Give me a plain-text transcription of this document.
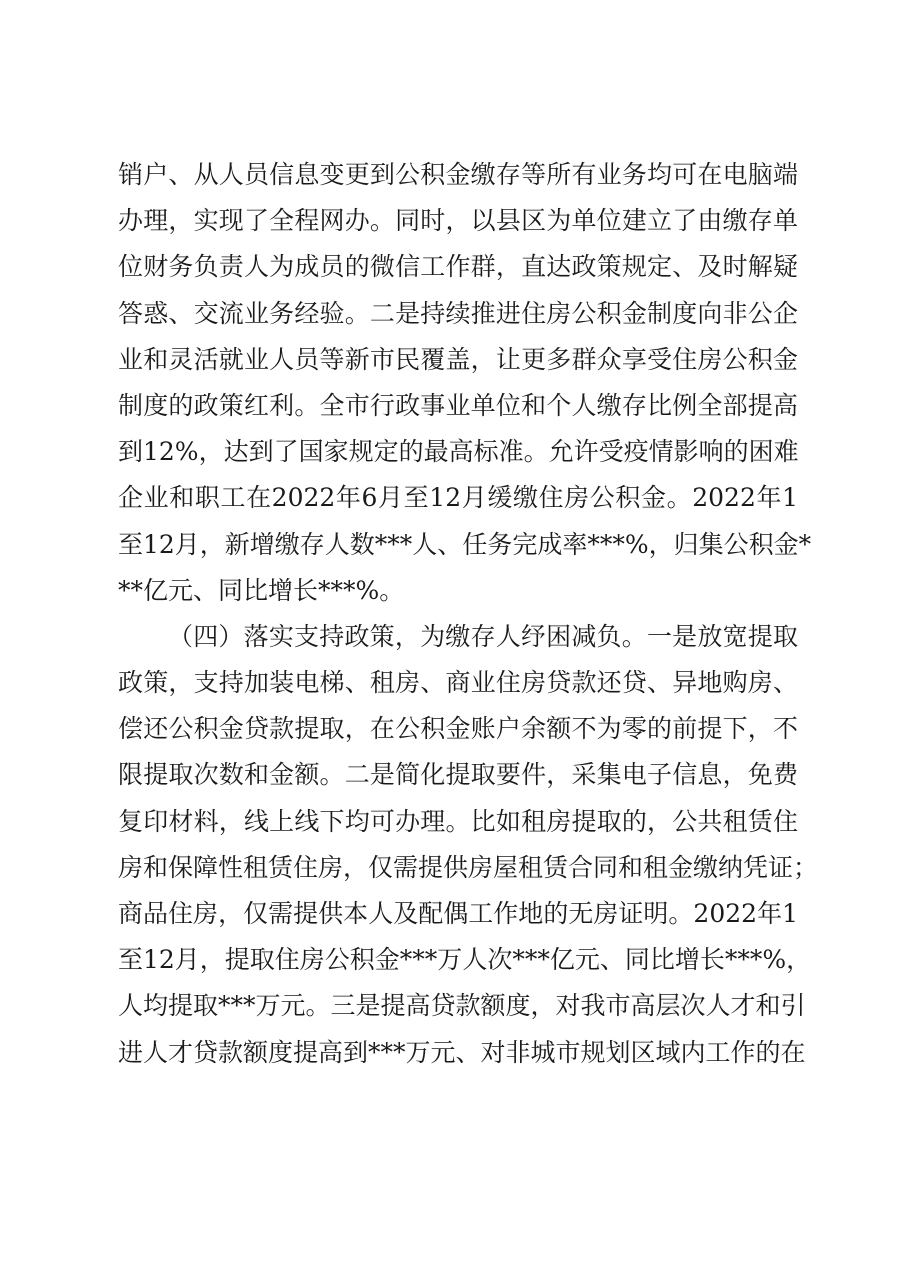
销户、从人员信息变更到公积金缴存等所有业务均可在电脑端
办理，实现了全程网办。同时，以县区为单位建立了由缴存单
位财务负责人为成员的微信工作群，直达政策规定、及时解疑
答惑、交流业务经验。二是持续推进住房公积金制度向非公企
业和灵活就业人员等新市民覆盖，让更多群众享受住房公积金
制度的政策红利。全市行政事业单位和个人缴存比例全部提高
到12%，达到了国家规定的最高标准。允许受疫情影响的困难
企业和职工在2022年6月至12月缓缴住房公积金。2022年1
至12月，新增缴存人数***人、任务完成率***%，归集公积金*
**亿元、同比增长***%。
（四）落实支持政策，为缴存人纾困减负。一是放宽提取
政策，支持加装电梯、租房、商业住房贷款还贷、异地购房、
偿还公积金贷款提取，在公积金账户余额不为零的前提下，不
限提取次数和金额。二是简化提取要件，采集电子信息，免费
复印材料，线上线下均可办理。比如租房提取的，公共租赁住
房和保障性租赁住房，仅需提供房屋租赁合同和租金缴纳凭证；
商品住房，仅需提供本人及配偶工作地的无房证明。2022年1
至12月，提取住房公积金***万人次***亿元、同比增长***%，
人均提取***万元。三是提高贷款额度，对我市高层次人才和引
进人才贷款额度提高到***万元、对非城市规划区域内工作的在
